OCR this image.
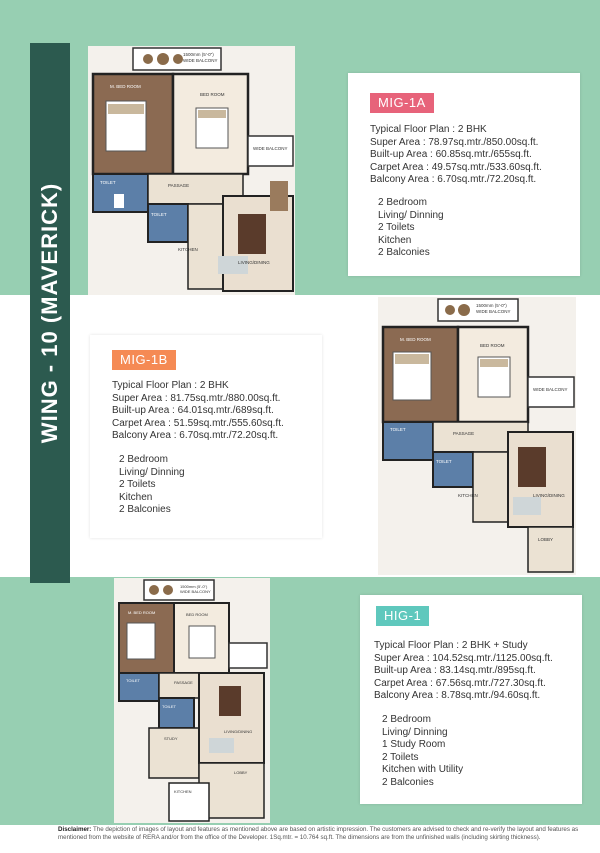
WING - 10 (MAVERICK)
1500mm (5'-0")
WIDE BALCONY
WIDE BALCONY
M. BED ROOM
BED ROOM
TOILET
PASSAGE
TOILET
KITCHEN
LIVING/DINING
MIG-1A
Typical Floor Plan : 2 BHK
Super Area : 78.97sq.mtr./850.00sq.ft.
Built-up Area : 60.85sq.mtr./655sq.ft.
Carpet Area : 49.57sq.mtr./533.60sq.ft.
Balcony Area : 6.70sq.mtr./72.20sq.ft.
2 Bedroom
Living/ Dinning
2 Toilets
Kitchen
2 Balconies
MIG-1B
Typical Floor Plan : 2 BHK
Super Area : 81.75sq.mtr./880.00sq.ft.
Built-up Area : 64.01sq.mtr./689sq.ft.
Carpet Area : 51.59sq.mtr./555.60sq.ft.
Balcony Area : 6.70sq.mtr./72.20sq.ft.
2 Bedroom
Living/ Dinning
2 Toilets
Kitchen
2 Balconies
1500mm (5'-0")
WIDE BALCONY
WIDE BALCONY
M. BED ROOM
BED ROOM
TOILET
PASSAGE
TOILET
KITCHEN	LIVING/DINING
LOBBY
1500mm (5'-0")
WIDE BALCONY
M. BED ROOM	BED ROOM
TOILET	PASSAGE
TOILET
STUDY
LIVING/DINING
LOBBY
KITCHEN
HIG-1
Typical Floor Plan : 2 BHK + Study
Super Area : 104.52sq.mtr./1125.00sq.ft.
Built-up Area : 83.14sq.mtr./895sq.ft.
Carpet Area : 67.56sq.mtr./727.30sq.ft.
Balcony Area : 8.78sq.mtr./94.60sq.ft.
2 Bedroom
Living/ Dinning
1 Study Room
2 Toilets
Kitchen with Utility
2 Balconies
Disclaimer: The depiction of images of layout and features as mentioned above are based on artistic impression. The customers are advised to check and re-verify the layout and features as mentioned from the website of RERA and/or from the office of the Developer. 1Sq.mtr. = 10.764 sq.ft. The dimensions are from the unfinished walls (including skirting thickness).
